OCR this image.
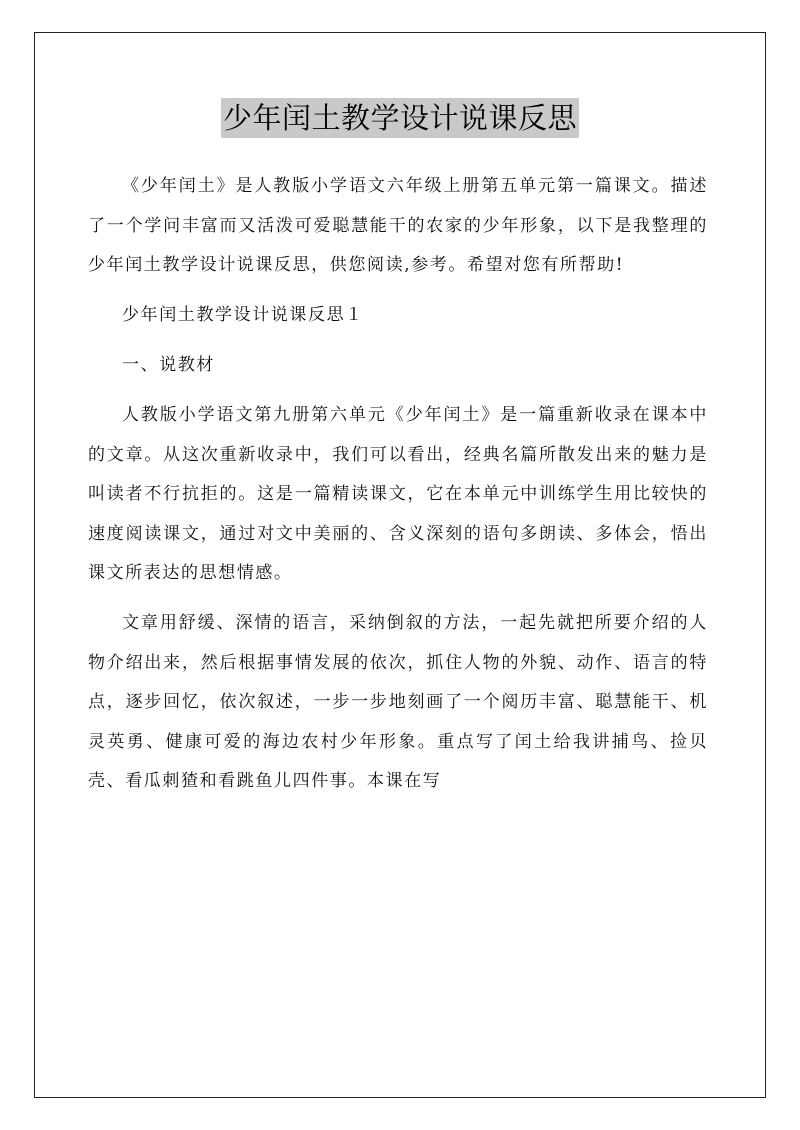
少年闰土教学设计说课反思

《少年闰土》是人教版小学语文六年级上册第五单元第一篇课文。描述了一个学问丰富而又活泼可爱聪慧能干的农家的少年形象，以下是我整理的少年闰土教学设计说课反思，供您阅读,参考。希望对您有所帮助!

少年闰土教学设计说课反思１

一、说教材

人教版小学语文第九册第六单元《少年闰土》是一篇重新收录在课本中的文章。从这次重新收录中，我们可以看出，经典名篇所散发出来的魅力是叫读者不行抗拒的。这是一篇精读课文，它在本单元中训练学生用比较快的速度阅读课文，通过对文中美丽的、含义深刻的语句多朗读、多体会，悟出课文所表达的思想情感。

文章用舒缓、深情的语言，采纳倒叙的方法，一起先就把所要介绍的人物介绍出来，然后根据事情发展的依次，抓住人物的外貌、动作、语言的特点，逐步回忆，依次叙述，一步一步地刻画了一个阅历丰富、聪慧能干、机灵英勇、健康可爱的海边农村少年形象。重点写了闰土给我讲捕鸟、捡贝壳、看瓜刺猹和看跳鱼儿四件事。本课在写
